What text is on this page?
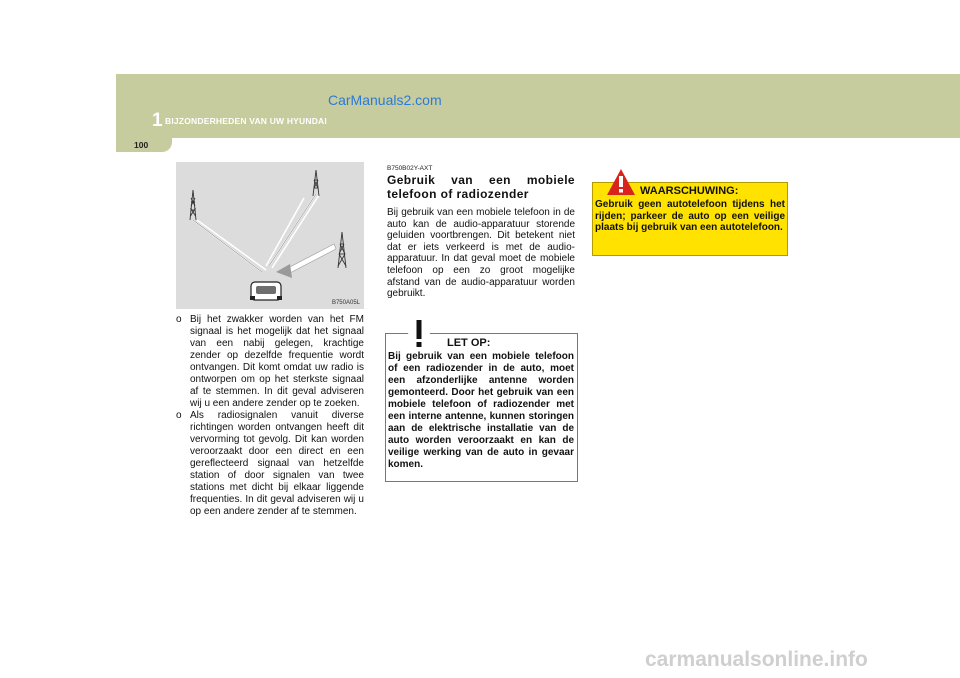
1 BIJZONDERHEDEN VAN UW HYUNDAI
100
CarManuals2.com
B750A05L
o Bij het zwakker worden van het FM signaal is het mogelijk dat het signaal van een nabij gelegen, krachtige zender op dezelfde frequentie wordt ontvangen. Dit komt omdat uw radio is ontworpen om op het sterkste signaal af te stemmen. In dit geval adviseren wij u een andere zender op te zoeken.
o Als radiosignalen vanuit diverse richtingen worden ontvangen heeft dit vervorming tot gevolg. Dit kan worden veroorzaakt door een direct en een gereflecteerd signaal van hetzelfde station of door signalen van twee stations met dicht bij elkaar liggende frequenties. In dit geval adviseren wij u op een andere zender af te stemmen.
B750B02Y-AXT
Gebruik van een mobiele telefoon of radiozender
Bij gebruik van een mobiele telefoon in de auto kan de audio-apparatuur storende geluiden voortbrengen. Dit betekent niet dat er iets verkeerd is met de audio-apparatuur. In dat geval moet de mobiele telefoon op een zo groot mogelijke afstand van de audio-apparatuur worden gebruikt.
LET OP:
Bij gebruik van een mobiele telefoon of een radiozender in de auto, moet een afzonderlijke antenne worden gemonteerd. Door het gebruik van een mobiele telefoon of radiozender met een interne antenne, kunnen storingen aan de elektrische installatie van de auto worden veroorzaakt en kan de veilige werking van de auto in gevaar komen.
WAARSCHUWING:
Gebruik geen autotelefoon tijdens het rijden; parkeer de auto op een veilige plaats bij gebruik van een autotelefoon.
carmanualsonline.info
